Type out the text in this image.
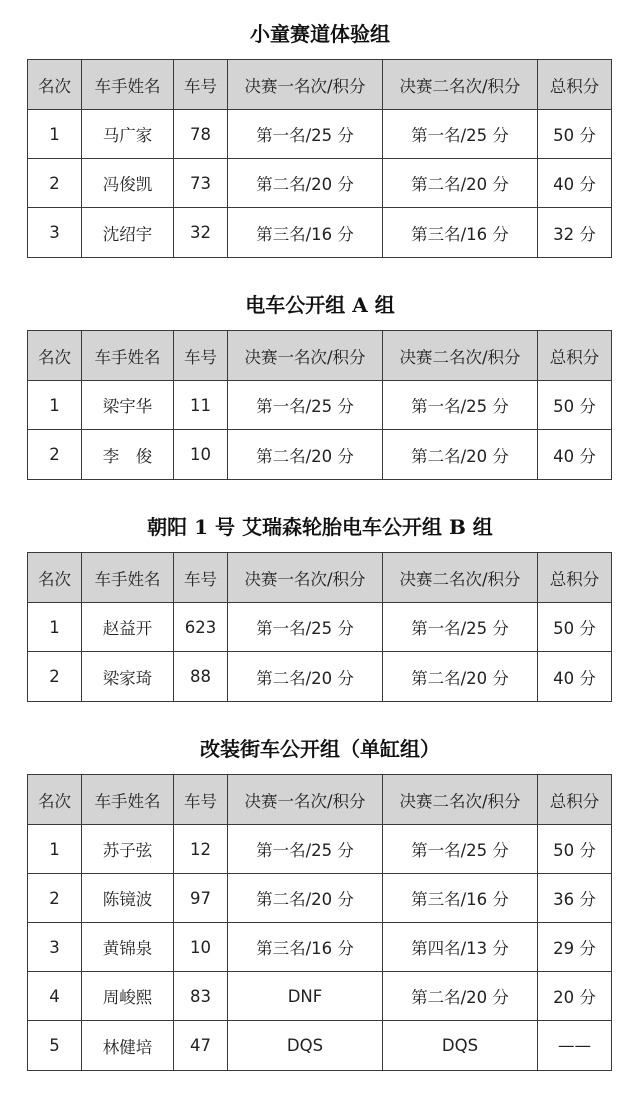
小童赛道体验组
名次	车手姓名	车号	决赛一名次/积分	决赛二名次/积分	总积分
1	马广家	78	第一名/25 分	第一名/25 分	50 分
2	冯俊凯	73	第二名/20 分	第二名/20 分	40 分
3	沈绍宇	32	第三名/16 分	第三名/16 分	32 分
电车公开组 A 组
名次	车手姓名	车号	决赛一名次/积分	决赛二名次/积分	总积分
1	梁宇华	11	第一名/25 分	第一名/25 分	50 分
2	李　俊	10	第二名/20 分	第二名/20 分	40 分
朝阳 1 号 艾瑞森轮胎电车公开组 B 组
名次	车手姓名	车号	决赛一名次/积分	决赛二名次/积分	总积分
1	赵益开	623	第一名/25 分	第一名/25 分	50 分
2	梁家琦	88	第二名/20 分	第二名/20 分	40 分
改装街车公开组（单缸组）
名次	车手姓名	车号	决赛一名次/积分	决赛二名次/积分	总积分
1	苏子弦	12	第一名/25 分	第一名/25 分	50 分
2	陈镜波	97	第二名/20 分	第三名/16 分	36 分
3	黄锦泉	10	第三名/16 分	第四名/13 分	29 分
4	周峻熙	83	DNF	第二名/20 分	20 分
5	林健培	47	DQS	DQS	——
